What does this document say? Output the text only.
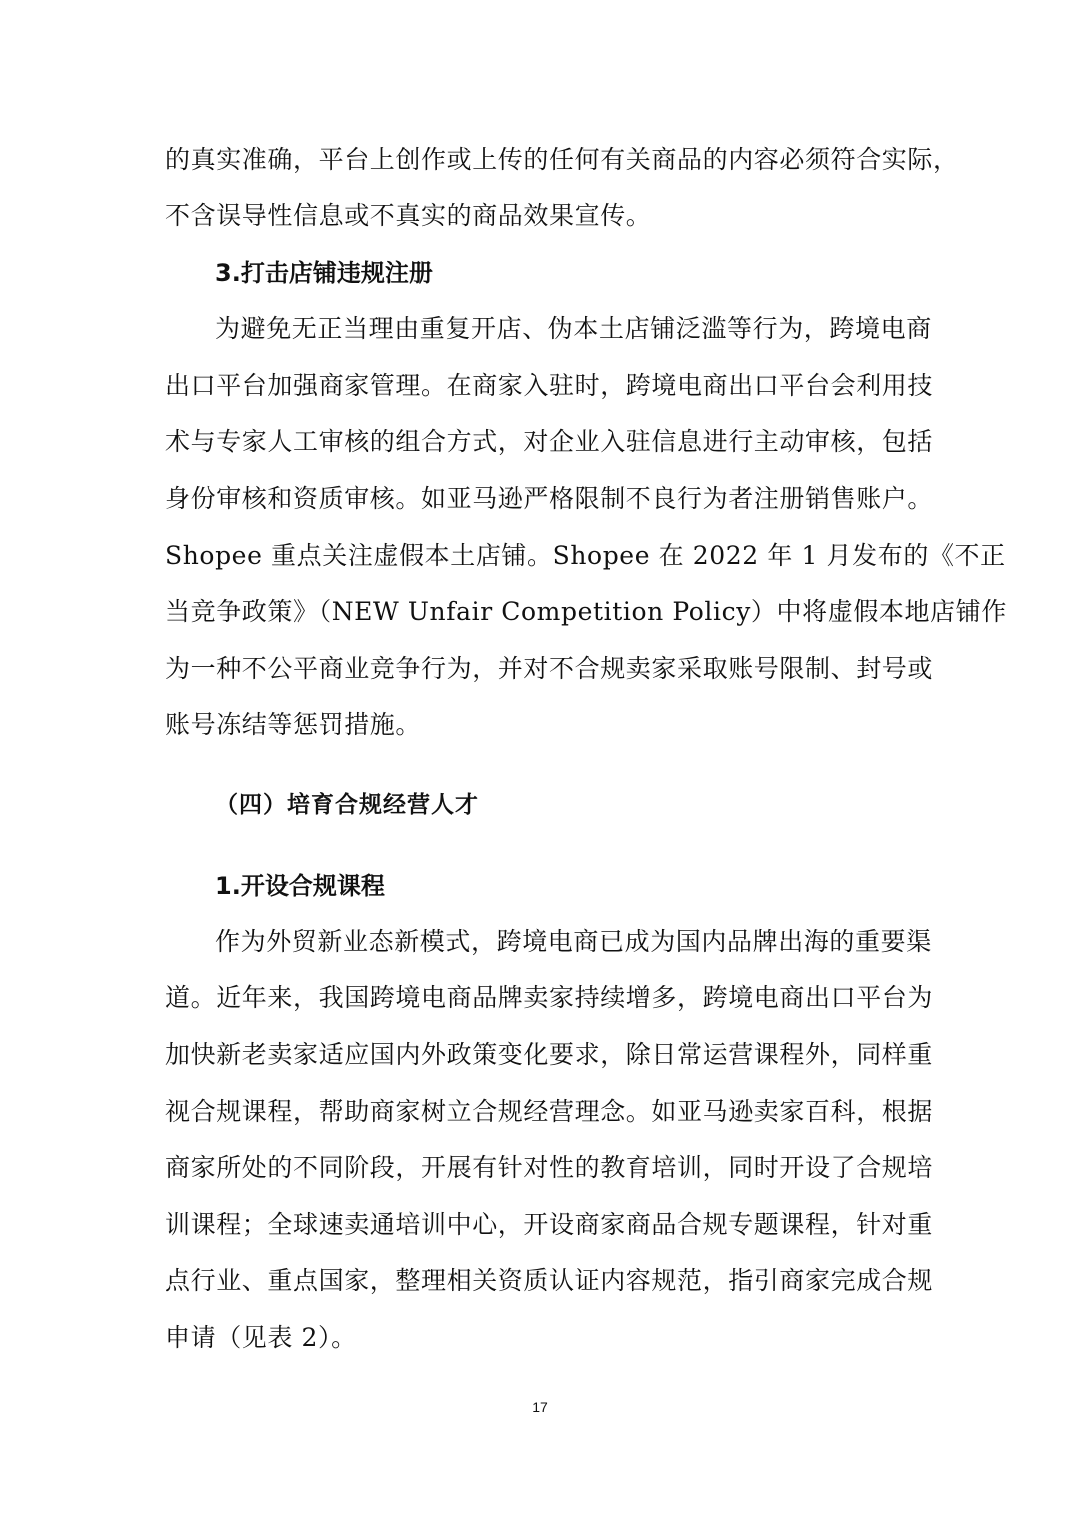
的真实准确，平台上创作或上传的任何有关商品的内容必须符合实际，
不含误导性信息或不真实的商品效果宣传。
3.打击店铺违规注册
为避免无正当理由重复开店、伪本土店铺泛滥等行为，跨境电商
出口平台加强商家管理。在商家入驻时，跨境电商出口平台会利用技
术与专家人工审核的组合方式，对企业入驻信息进行主动审核，包括
身份审核和资质审核。如亚马逊严格限制不良行为者注册销售账户。
Shopee 重点关注虚假本土店铺。Shopee 在 2022 年 1 月发布的《不正
当竞争政策》（NEW Unfair Competition Policy）中将虚假本地店铺作
为一种不公平商业竞争行为，并对不合规卖家采取账号限制、封号或
账号冻结等惩罚措施。
（四）培育合规经营人才
1.开设合规课程
作为外贸新业态新模式，跨境电商已成为国内品牌出海的重要渠
道。近年来，我国跨境电商品牌卖家持续增多，跨境电商出口平台为
加快新老卖家适应国内外政策变化要求，除日常运营课程外，同样重
视合规课程，帮助商家树立合规经营理念。如亚马逊卖家百科，根据
商家所处的不同阶段，开展有针对性的教育培训，同时开设了合规培
训课程；全球速卖通培训中心，开设商家商品合规专题课程，针对重
点行业、重点国家，整理相关资质认证内容规范，指引商家完成合规
申请（见表 2）。
17
